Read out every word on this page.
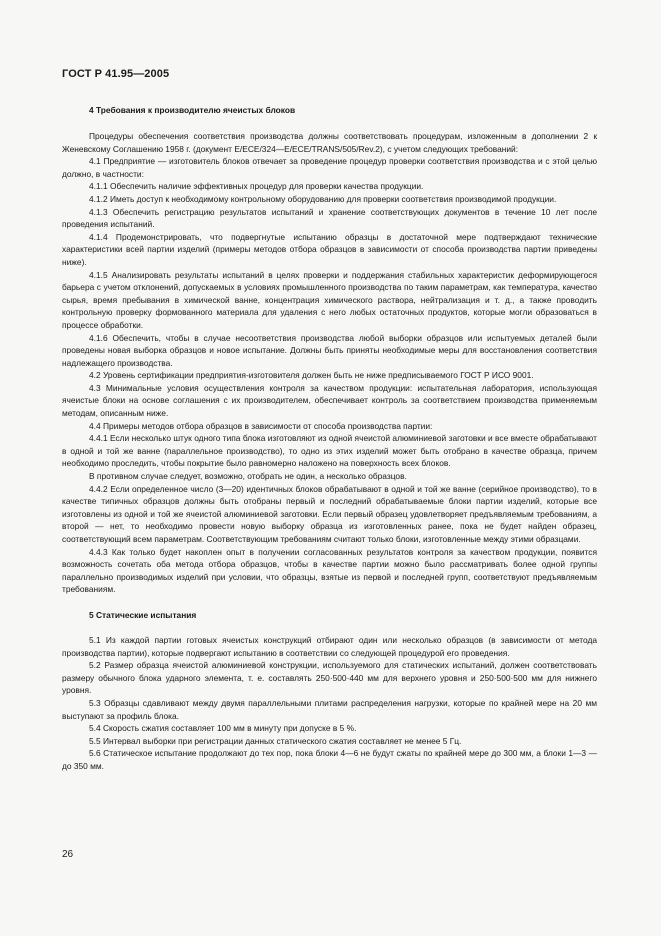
ГОСТ Р 41.95—2005
4 Требования к производителю ячеистых блоков

Процедуры обеспечения соответствия производства должны соответствовать процедурам, изложенным в дополнении 2 к Женевскому Соглашению 1958 г. (документ E/ECE/324—E/ECE/TRANS/505/Rev.2), с учетом следующих требований:

4.1 Предприятие — изготовитель блоков отвечает за проведение процедур проверки соответствия производства и с этой целью должно, в частности:

4.1.1 Обеспечить наличие эффективных процедур для проверки качества продукции.

4.1.2 Иметь доступ к необходимому контрольному оборудованию для проверки соответствия производимой продукции.

4.1.3 Обеспечить регистрацию результатов испытаний и хранение соответствующих документов в течение 10 лет после проведения испытаний.

4.1.4 Продемонстрировать, что подвергнутые испытанию образцы в достаточной мере подтверждают технические характеристики всей партии изделий (примеры методов отбора образцов в зависимости от способа производства партии приведены ниже).

4.1.5 Анализировать результаты испытаний в целях проверки и поддержания стабильных характеристик деформирующегося барьера с учетом отклонений, допускаемых в условиях промышленного производства по таким параметрам, как температура, качество сырья, время пребывания в химической ванне, концентрация химического раствора, нейтрализация и т. д., а также проводить контрольную проверку формованного материала для удаления с него любых остаточных продуктов, которые могли образоваться в процессе обработки.

4.1.6 Обеспечить, чтобы в случае несоответствия производства любой выборки образцов или испытуемых деталей были проведены новая выборка образцов и новое испытание. Должны быть приняты необходимые меры для восстановления соответствия надлежащего производства.

4.2 Уровень сертификации предприятия-изготовителя должен быть не ниже предписываемого ГОСТ Р ИСО 9001.

4.3 Минимальные условия осуществления контроля за качеством продукции: испытательная лаборатория, использующая ячеистые блоки на основе соглашения с их производителем, обеспечивает контроль за соответствием производства применяемым методам, описанным ниже.

4.4 Примеры методов отбора образцов в зависимости от способа производства партии:

4.4.1 Если несколько штук одного типа блока изготовляют из одной ячеистой алюминиевой заготовки и все вместе обрабатывают в одной и той же ванне (параллельное производство), то одно из этих изделий может быть отобрано в качестве образца, причем необходимо проследить, чтобы покрытие было равномерно наложено на поверхность всех блоков.

В противном случае следует, возможно, отобрать не один, а несколько образцов.

4.4.2 Если определенное число (3—20) идентичных блоков обрабатывают в одной и той же ванне (серийное производство), то в качестве типичных образцов должны быть отобраны первый и последний обрабатываемые блоки партии изделий, которые все изготовлены из одной и той же ячеистой алюминиевой заготовки. Если первый образец удовлетворяет предъявляемым требованиям, а второй — нет, то необходимо провести новую выборку образца из изготовленных ранее, пока не будет найден образец, соответствующий всем параметрам. Соответствующим требованиям считают только блоки, изготовленные между этими образцами.

4.4.3 Как только будет накоплен опыт в получении согласованных результатов контроля за качеством продукции, появится возможность сочетать оба метода отбора образцов, чтобы в качестве партии можно было рассматривать более одной группы параллельно производимых изделий при условии, что образцы, взятые из первой и последней групп, соответствуют предъявляемым требованиям.

5 Статические испытания

5.1 Из каждой партии готовых ячеистых конструкций отбирают один или несколько образцов (в зависимости от метода производства партии), которые подвергают испытанию в соответствии со следующей процедурой его проведения.

5.2 Размер образца ячеистой алюминиевой конструкции, используемого для статических испытаний, должен соответствовать размеру обычного блока ударного элемента, т. е. составлять 250·500·440 мм для верхнего уровня и 250·500·500 мм для нижнего уровня.

5.3 Образцы сдавливают между двумя параллельными плитами распределения нагрузки, которые по крайней мере на 20 мм выступают за профиль блока.

5.4 Скорость сжатия составляет 100 мм в минуту при допуске в 5 %.

5.5 Интервал выборки при регистрации данных статического сжатия составляет не менее 5 Гц.

5.6 Статическое испытание продолжают до тех пор, пока блоки 4—6 не будут сжаты по крайней мере до 300 мм, а блоки 1—3 — до 350 мм.

26
